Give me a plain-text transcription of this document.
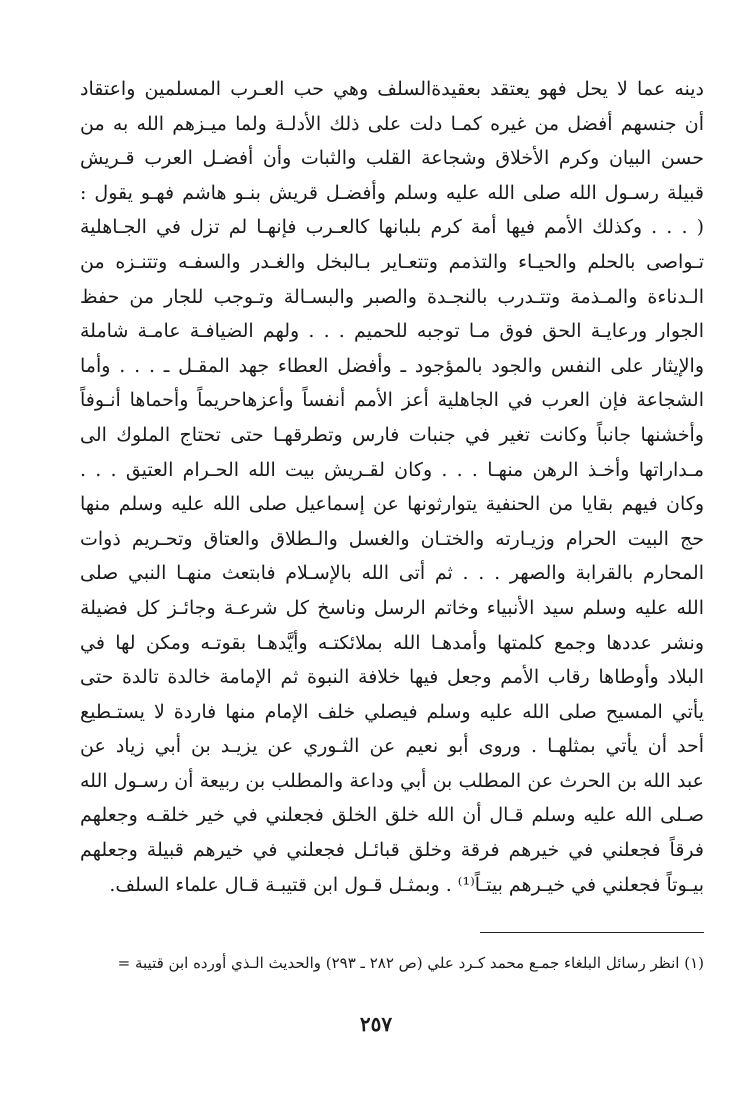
دينه عما لا يحل فهو يعتقد بعقيدةالسلف وهي حب العـرب المسلمين واعتقاد
أن جنسهم أفضل من غيره كمـا دلت على ذلك الأدلـة ولما ميـزهم الله به من
حسن البيان وكرم الأخلاق وشجاعة القلب والثبات وأن أفضـل العرب قـريش
قبيلة رسـول الله صلى الله عليه وسلم وأفضـل قريش بنـو هاشم فهـو يقول :
( . . . وكذلك الأمم فيها أمة كرم بلبانها كالعـرب فإنهـا لم تزل في الجـاهلية
تـواصى بالحلم والحيـاء والتذمم وتتعـاير بـالبخل والغـدر والسفـه وتتنـزه من
الـدناءة والمـذمة وتتـدرب بالنجـدة والصبر والبسـالة وتـوجب للجار من حفظ
الجوار ورعايـة الحق فوق مـا توجبه للحميم . . . ولهم الضيافـة عامـة شاملة
والإيثار على النفس والجود بالمؤجود ـ وأفضل العطاء جهد المقـل ـ . . . وأما
الشجاعة فإن العرب في الجاهلية أعز الأمم أنفساً وأعزهاحريماً وأحماها أنـوفاً
وأخشنها جانباً وكانت تغير في جنبات فارس وتطرقهـا حتى تحتاج الملوك الى
مـداراتها وأخـذ الرهن منهـا . . . وكان لقـريش بيت الله الحـرام العتيق . . .
وكان فيهم بقايا من الحنفية يتوارثونها عن إسماعيل صلى الله عليه وسلم منها
حج البيت الحرام وزيـارته والختـان والغسل والـطلاق والعتاق وتحـريم ذوات
المحارم بالقرابة والصهر . . . ثم أتى الله بالإسـلام فابتعث منهـا النبي صلى
الله عليه وسلم سيد الأنبياء وخاتم الرسل وناسخ كل شرعـة وجائـز كل فضيلة
ونشر عددها وجمع كلمتها وأمدهـا الله بملائكتـه وأيَّدهـا بقوتـه ومكن لها في
البلاد وأوطاها رقاب الأمم وجعل فيها خلافة النبوة ثم الإمامة خالدة تالدة حتى
يأتي المسيح صلى الله عليه وسلم فيصلي خلف الإمام منها فاردة لا يستـطيع
أحد أن يأتي بمثلهـا . وروى أبو نعيم عن الثـوري عن يزيـد بن أبي زياد عن
عبد الله بن الحرث عن المطلب بن أبي وداعة والمطلب بن ربيعة أن رسـول الله
صـلى الله عليه وسلم قـال أن الله خلق الخلق فجعلني في خير خلقـه وجعلهم
فرقاً فجعلني في خيرهم فرقة وخلق قبائـل فجعلني في خيرهم قبيلة وجعلهم
بيـوتاً فجعلني في خيـرهم بيتـاً⁽¹⁾ . وبمثـل قـول ابن قتيبـة قـال علماء السلف.
(١) انظر رسائل البلغاء جمـع محمد كـرد علي (ص ٢٨٢ ـ ٢٩٣) والحديث الـذي أورده ابن قتيبة =
٢٥٧
